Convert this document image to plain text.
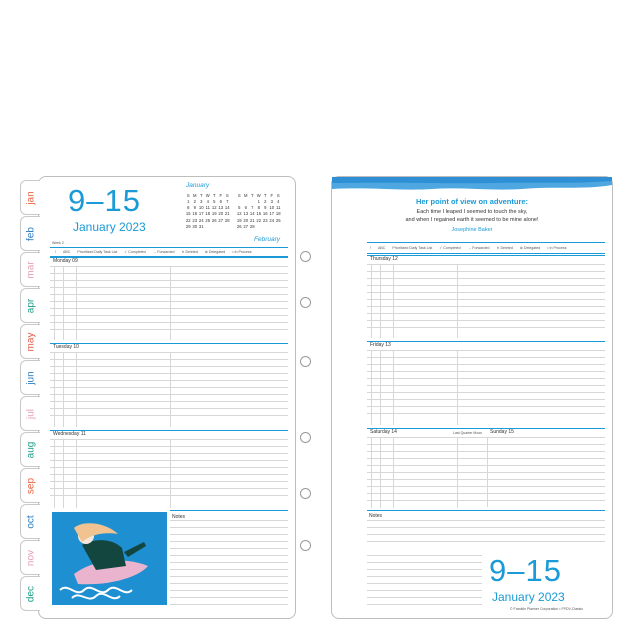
jan
feb
mar
apr
may
jun
jul
aug
sep
oct
nov
dec
9–15
January 2023
January
S M T W T F S
1 2 3 4 5 6 7
8 9 10 11 12 13 14
15 16 17 18 19 20 21
22 23 24 25 26 27 28
29 30 31
S M T W T F S
1 2 3 4
5 6 7 8 9 10 11
12 13 14 15 16 17 18
19 20 21 22 23 24 25
26 27 28
February
Week 2
! ABC Prioritized Daily Task List ✓ Completed → Forwarded ✕ Deleted ⊗ Delegated • In Process
Monday 09
Tuesday 10
Wednesday 11
Notes
Her point of view on adventure:
Each time I leaped I seemed to touch the sky,
and when I regained earth it seemed to be mine alone!
Josephine Baker
! ABC Prioritized Daily Task List ✓ Completed → Forwarded ✕ Deleted ⊗ Delegated • In Process
Thursday 12
Friday 13
Saturday 14	Last Quarter Moon Sunday 15
Notes
9–15
January 2023
© Franklin Planner Corporation • FPDV-Classic
